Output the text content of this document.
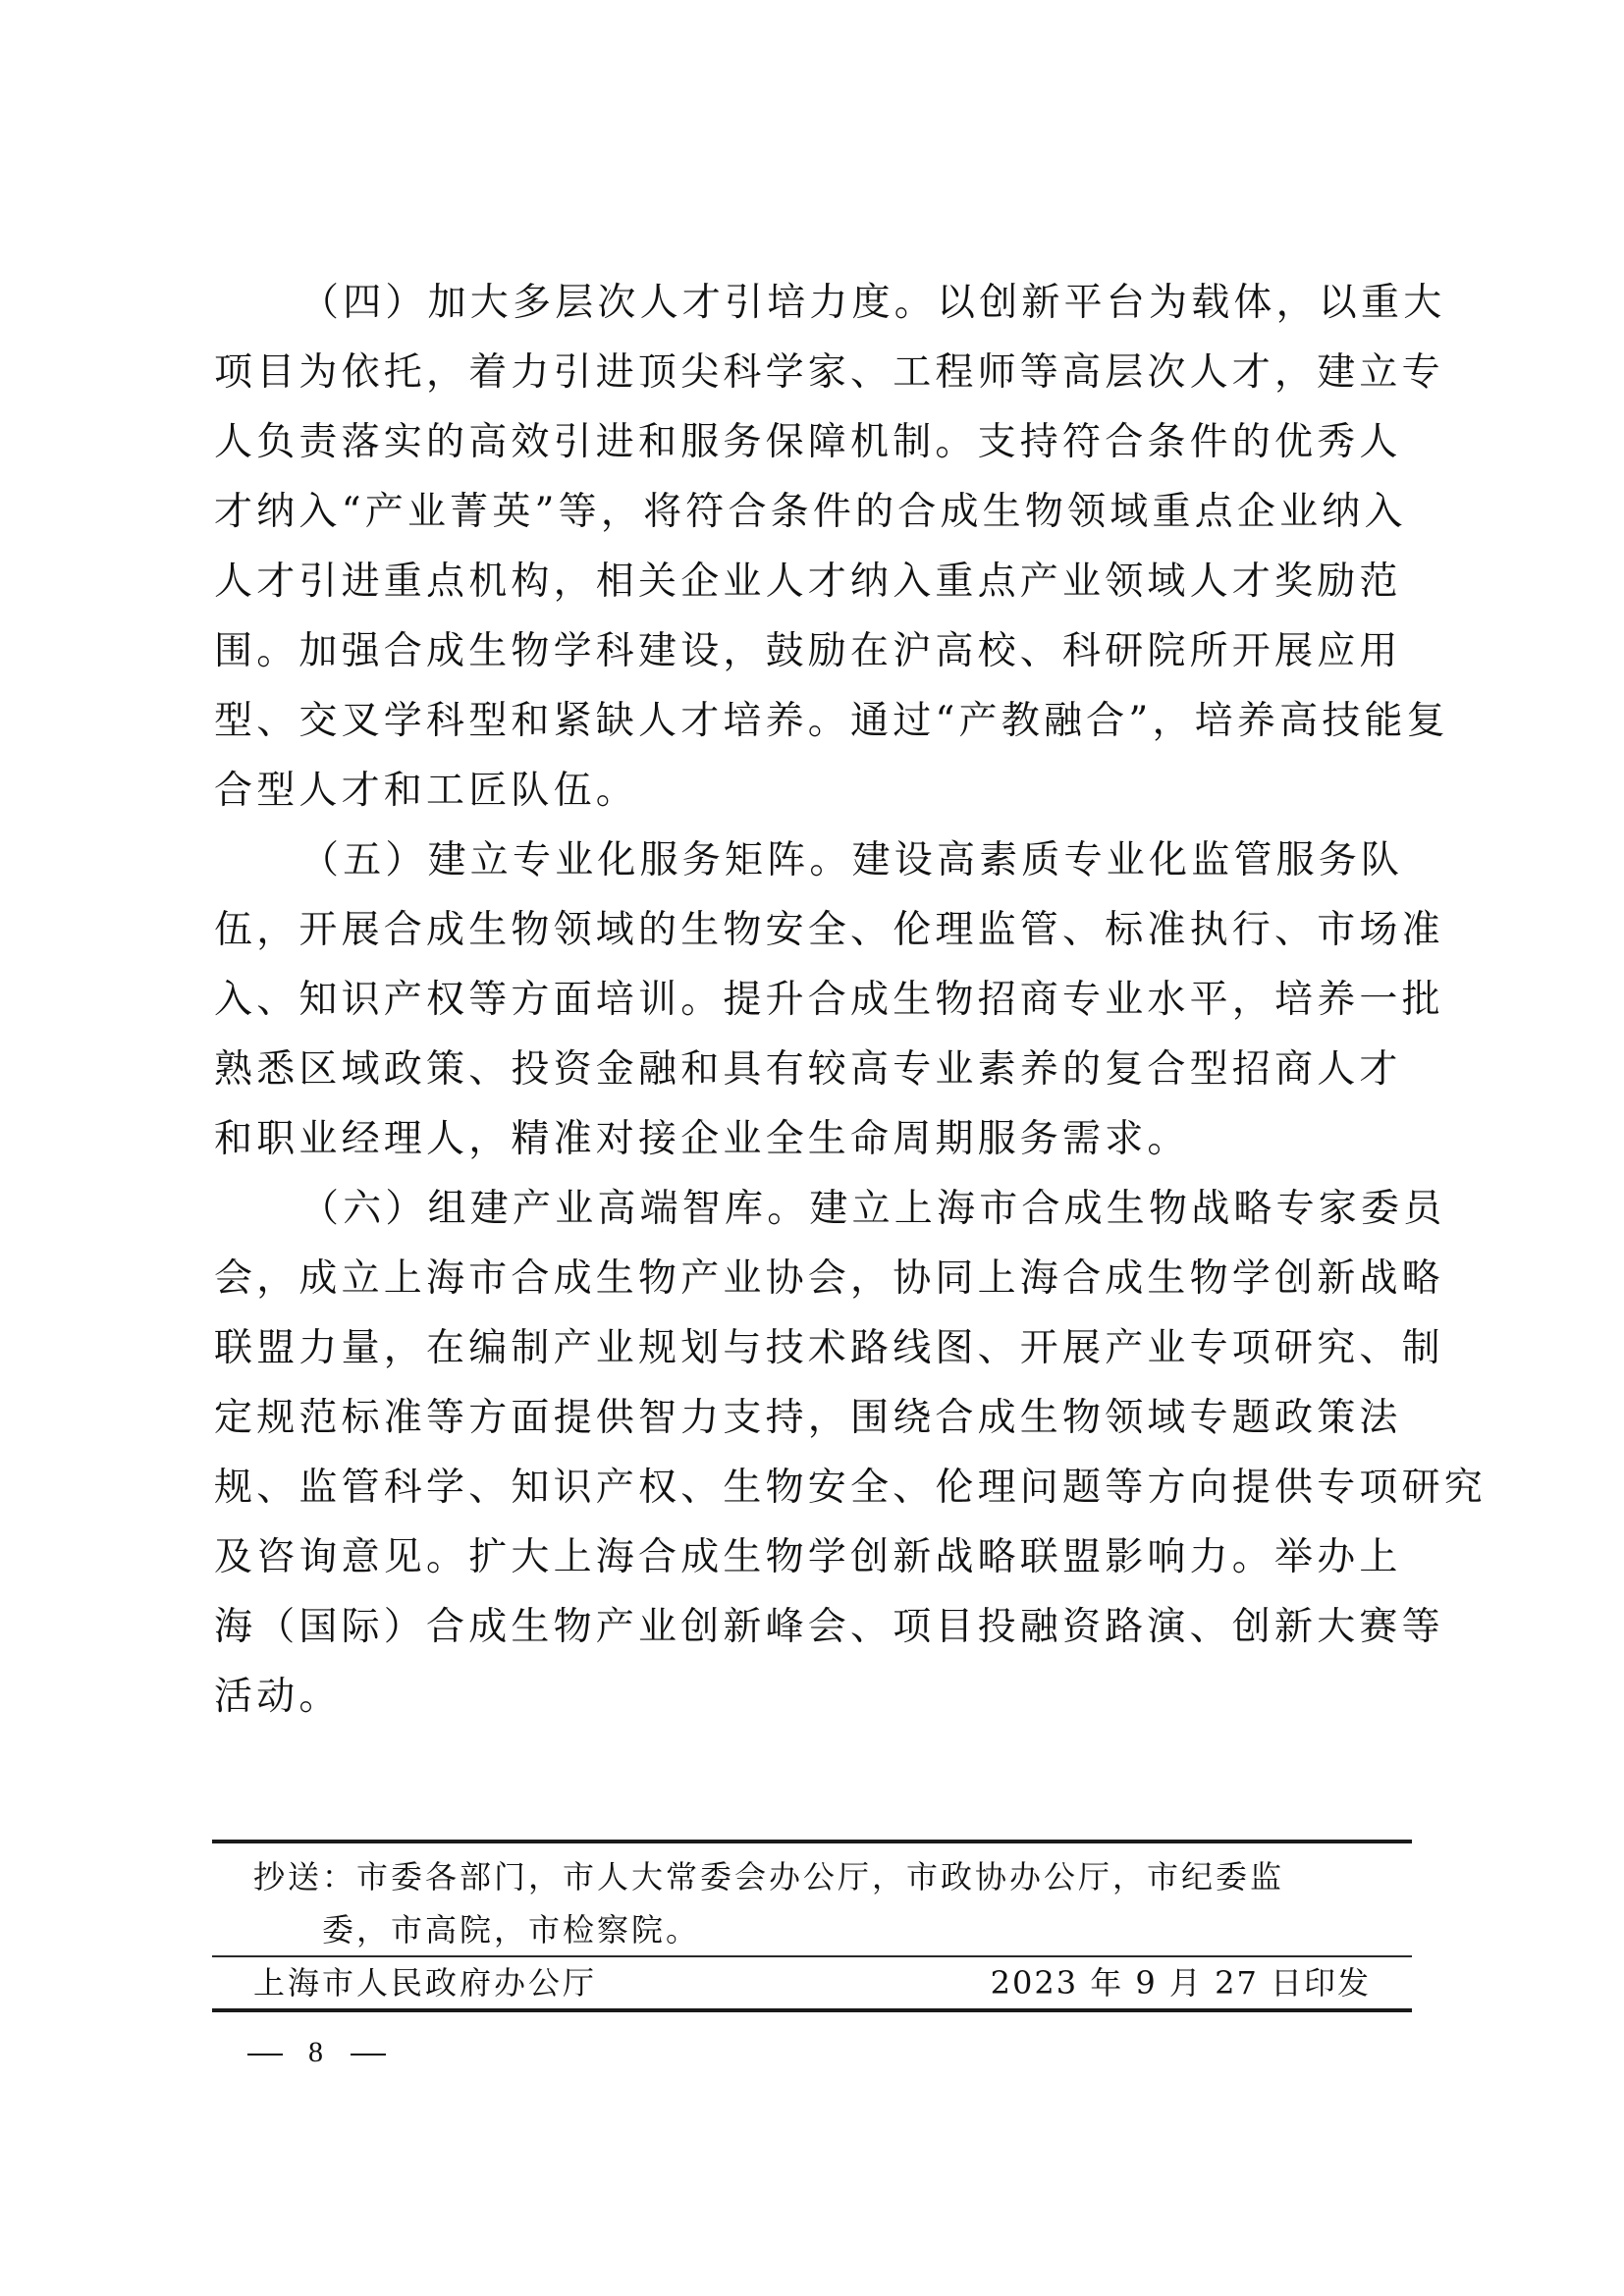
（四）加大多层次人才引培力度。以创新平台为载体，以重大
项目为依托，着力引进顶尖科学家、工程师等高层次人才，建立专
人负责落实的高效引进和服务保障机制。支持符合条件的优秀人
才纳入“产业菁英”等，将符合条件的合成生物领域重点企业纳入
人才引进重点机构，相关企业人才纳入重点产业领域人才奖励范
围。加强合成生物学科建设，鼓励在沪高校、科研院所开展应用
型、交叉学科型和紧缺人才培养。通过“产教融合”，培养高技能复
合型人才和工匠队伍。
（五）建立专业化服务矩阵。建设高素质专业化监管服务队
伍，开展合成生物领域的生物安全、伦理监管、标准执行、市场准
入、知识产权等方面培训。提升合成生物招商专业水平，培养一批
熟悉区域政策、投资金融和具有较高专业素养的复合型招商人才
和职业经理人，精准对接企业全生命周期服务需求。
（六）组建产业高端智库。建立上海市合成生物战略专家委员
会，成立上海市合成生物产业协会，协同上海合成生物学创新战略
联盟力量，在编制产业规划与技术路线图、开展产业专项研究、制
定规范标准等方面提供智力支持，围绕合成生物领域专题政策法
规、监管科学、知识产权、生物安全、伦理问题等方向提供专项研究
及咨询意见。扩大上海合成生物学创新战略联盟影响力。举办上
海（国际）合成生物产业创新峰会、项目投融资路演、创新大赛等
活动。
抄送：市委各部门，市人大常委会办公厅，市政协办公厅，市纪委监
委，市高院，市检察院。
上海市人民政府办公厅	2023 年 9 月 27 日印发
8
